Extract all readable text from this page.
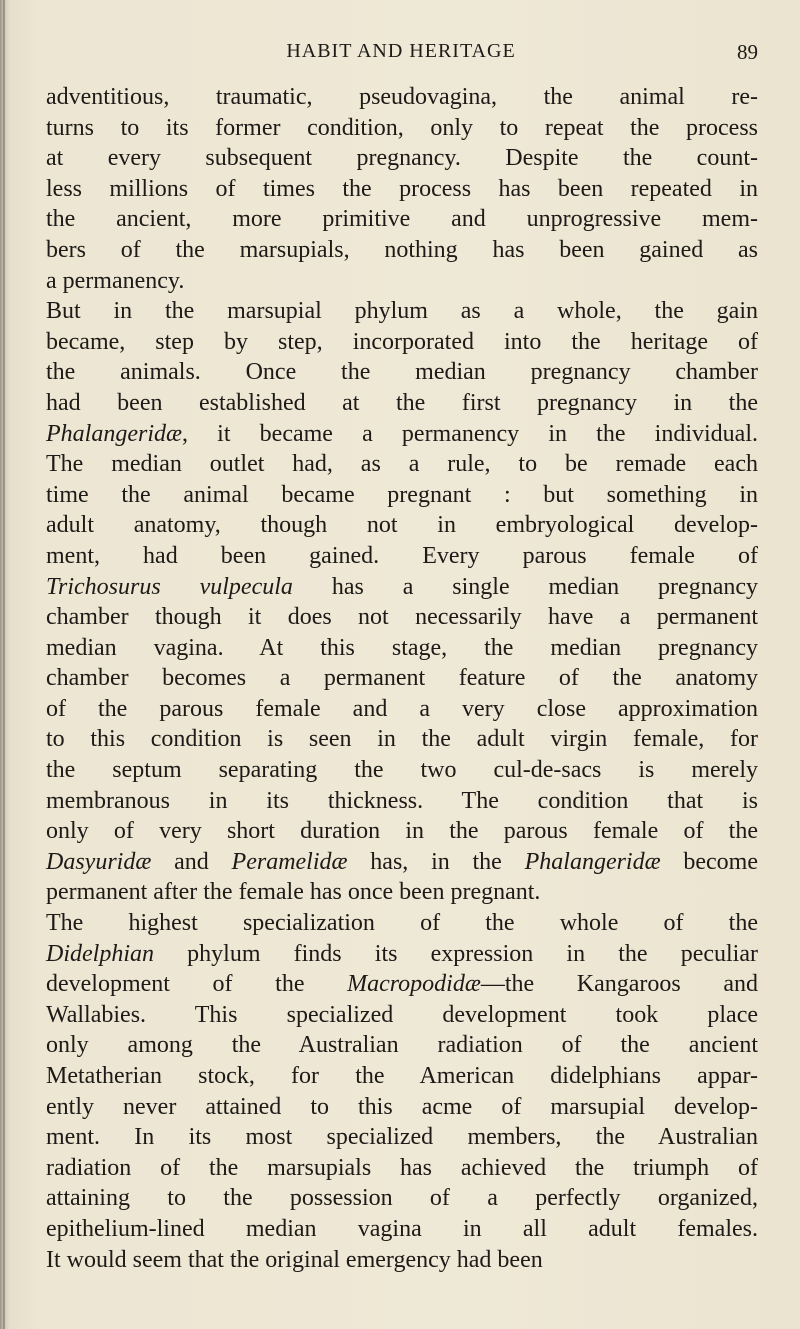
HABIT AND HERITAGE	89
adventitious, traumatic, pseudovagina, the animal re-
turns to its former condition, only to repeat the process
at every subsequent pregnancy. Despite the count-
less millions of times the process has been repeated in
the ancient, more primitive and unprogressive mem-
bers of the marsupials, nothing has been gained as
a permanency.
But in the marsupial phylum as a whole, the gain
became, step by step, incorporated into the heritage of
the animals. Once the median pregnancy chamber
had been established at the first pregnancy in the
Phalangeridæ, it became a permanency in the individual.
The median outlet had, as a rule, to be remade each
time the animal became pregnant : but something in
adult anatomy, though not in embryological develop-
ment, had been gained. Every parous female of
Trichosurus vulpecula has a single median pregnancy
chamber though it does not necessarily have a permanent
median vagina. At this stage, the median pregnancy
chamber becomes a permanent feature of the anatomy
of the parous female and a very close approximation
to this condition is seen in the adult virgin female, for
the septum separating the two cul-de-sacs is merely
membranous in its thickness. The condition that is
only of very short duration in the parous female of the
Dasyuridæ and Peramelidæ has, in the Phalangeridæ become
permanent after the female has once been pregnant.
The highest specialization of the whole of the
Didelphian phylum finds its expression in the peculiar
development of the Macropodidæ—the Kangaroos and
Wallabies. This specialized development took place
only among the Australian radiation of the ancient
Metatherian stock, for the American didelphians appar-
ently never attained to this acme of marsupial develop-
ment. In its most specialized members, the Australian
radiation of the marsupials has achieved the triumph of
attaining to the possession of a perfectly organized,
epithelium-lined median vagina in all adult females.
It would seem that the original emergency had been
